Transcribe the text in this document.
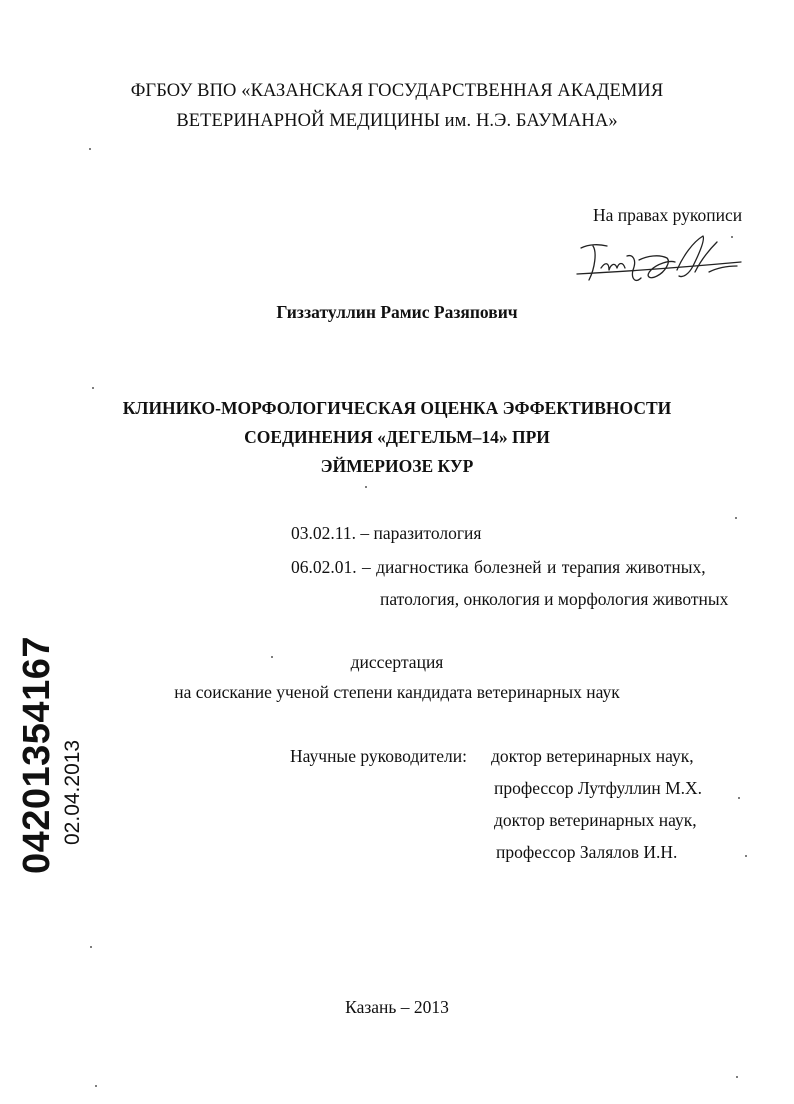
ФГБОУ ВПО «КАЗАНСКАЯ ГОСУДАРСТВЕННАЯ АКАДЕМИЯ
ВЕТЕРИНАРНОЙ МЕДИЦИНЫ им. Н.Э. БАУМАНА»
На правах рукописи
Гиззатуллин Рамис Разяпович
КЛИНИКО-МОРФОЛОГИЧЕСКАЯ ОЦЕНКА ЭФФЕКТИВНОСТИ
СОЕДИНЕНИЯ «ДЕГЕЛЬМ–14» ПРИ
ЭЙМЕРИОЗЕ КУР
03.02.11. – паразитология
06.02.01. – диагностика болезней и терапия животных,
патология, онкология и морфология животных
диссертация
на соискание ученой степени кандидата ветеринарных наук
Научные руководители: доктор ветеринарных наук,
профессор Лутфуллин М.Х.
доктор ветеринарных наук,
профессор Залялов И.Н.
Казань – 2013
04201354167 02.04.2013
